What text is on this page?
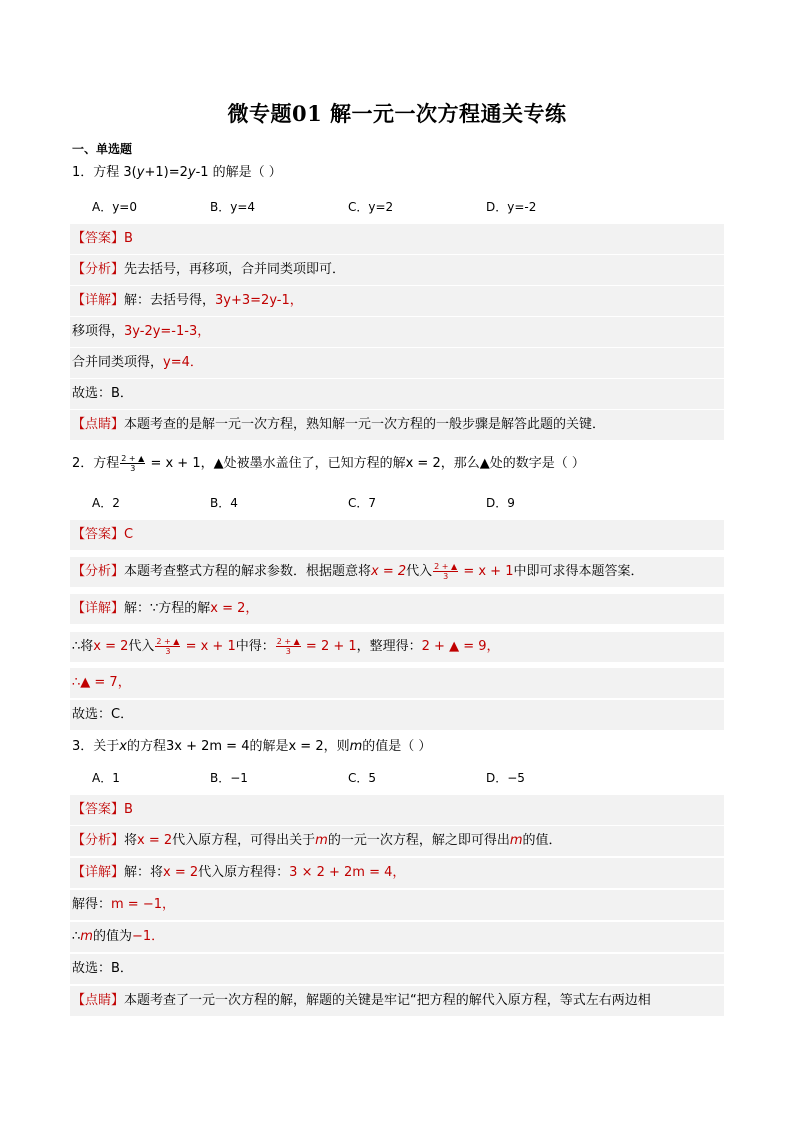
微专题01 解一元一次方程通关专练
一、单选题
1．方程 3(y+1)=2y-1 的解是（ ）
A．y=0	B．y=4	C．y=2	D．y=-2
【答案】B
【分析】先去括号，再移项，合并同类项即可．
【详解】解：去括号得，3y+3=2y-1，
移项得，3y-2y=-1-3，
合并同类项得，y=4．
故选：B．
【点睛】本题考查的是解一元一次方程，熟知解一元一次方程的一般步骤是解答此题的关键．
2．方程 $\frac{2 + ▲}{3} = x + 1$，▲处被墨水盖住了，已知方程的解x = 2，那么▲处的数字是（ ）
A．2	B．4	C．7	D．9
【答案】C
【分析】本题考查整式方程的解求参数．根据题意将x = 2代入 $\frac{2 + ▲}{3} = x + 1$中即可求得本题答案．
【详解】解：∵方程的解x = 2，
∴将x = 2代入 $\frac{2 + ▲}{3} = x + 1$中得： $\frac{2 + ▲}{3} = 2 + 1$，整理得：2 + ▲ = 9，
∴▲ = 7，
故选：C．
3．关于x的方程3x + 2m = 4的解是x = 2，则m的值是（ ）
A．1	B．−1	C．5	D．−5
【答案】B
【分析】将x = 2代入原方程，可得出关于m的一元一次方程，解之即可得出m的值．
【详解】解：将x = 2代入原方程得：3 × 2 + 2m = 4，
解得：m = −1，
∴m的值为−1．
故选：B．
【点睛】本题考查了一元一次方程的解，解题的关键是牢记“把方程的解代入原方程，等式左右两边相
